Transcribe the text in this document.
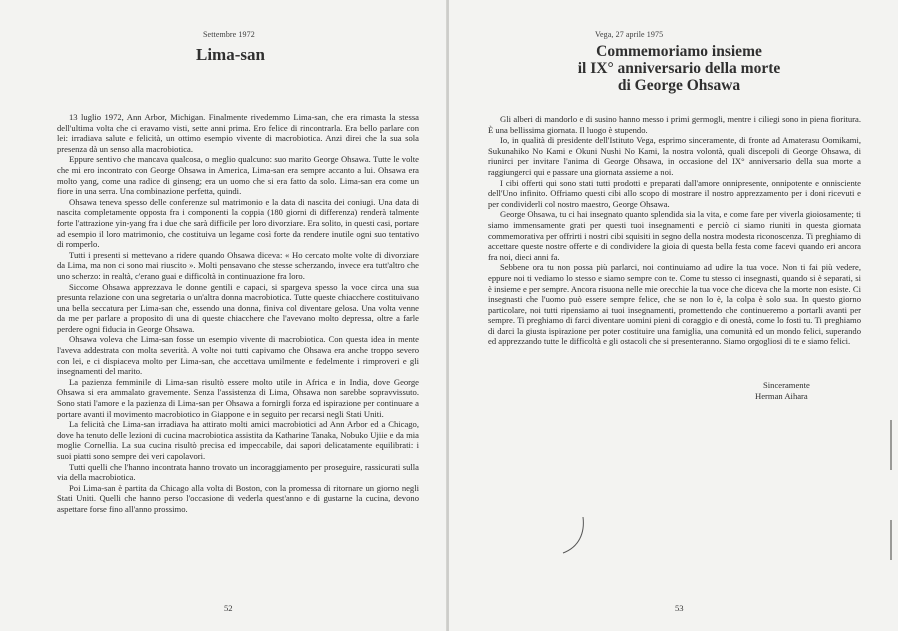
Settembre 1972
Lima-san

13 luglio 1972, Ann Arbor, Michigan. Finalmente rivedemmo Lima-san, che era rimasta la stessa dell'ultima volta che ci eravamo visti, sette anni prima. Ero felice di rincontrarla. Era bello parlare con lei: irradiava salute e felicità, un ottimo esempio vivente di macrobiotica. Anzi direi che la sua sola presenza dà un senso alla macrobiotica.

Eppure sentivo che mancava qualcosa, o meglio qualcuno: suo marito George Ohsawa. Tutte le volte che mi ero incontrato con George Ohsawa in America, Lima-san era sempre accanto a lui. Ohsawa era molto yang, come una radice di ginseng; era un uomo che si era fatto da solo. Lima-san era come un fiore in una serra. Una combinazione perfetta, quindi.

Ohsawa teneva spesso delle conferenze sul matrimonio e la data di nascita dei coniugi. Una data di nascita completamente opposta fra i componenti la coppia (180 giorni di differenza) renderà talmente forte l'attrazione yin-yang fra i due che sarà difficile per loro divorziare. Era solito, in questi casi, portare ad esempio il loro matrimonio, che costituiva un legame così forte da rendere inutile ogni suo tentativo di romperlo.

Tutti i presenti si mettevano a ridere quando Ohsawa diceva: « Ho cercato molte volte di divorziare da Lima, ma non ci sono mai riuscito ». Molti pensavano che stesse scherzando, invece era tutt'altro che uno scherzo: in realtà, c'erano guai e difficoltà in continuazione fra loro.

Siccome Ohsawa apprezzava le donne gentili e capaci, si spargeva spesso la voce circa una sua presunta relazione con una segretaria o un'altra donna macrobiotica. Tutte queste chiacchere costituivano una bella seccatura per Lima-san che, essendo una donna, finiva col diventare gelosa. Una volta venne da me per parlare a proposito di una di queste chiacchere che l'avevano molto depressa, oltre a farle perdere ogni fiducia in George Ohsawa.

Ohsawa voleva che Lima-san fosse un esempio vivente di macrobiotica. Con questa idea in mente l'aveva addestrata con molta severità. A volte noi tutti capivamo che Ohsawa era anche troppo severo con lei, e ci dispiaceva molto per Lima-san, che accettava umilmente e fedelmente i rimproveri e gli insegnamenti del marito.

La pazienza femminile di Lima-san risultò essere molto utile in Africa e in India, dove George Ohsawa si era ammalato gravemente. Senza l'assistenza di Lima, Ohsawa non sarebbe sopravvissuto. Sono stati l'amore e la pazienza di Lima-san per Ohsawa a fornirgli forza ed ispirazione per continuare a portare avanti il movimento macrobiotico in Giappone e in seguito per recarsi negli Stati Uniti.

La felicità che Lima-san irradiava ha attirato molti amici macrobiotici ad Ann Arbor ed a Chicago, dove ha tenuto delle lezioni di cucina macrobiotica assistita da Katharine Tanaka, Nobuko Ujiie e da mia moglie Cornellia. La sua cucina risultò precisa ed impeccabile, dai sapori delicatamente equilibrati: i suoi piatti sono sempre dei veri capolavori.

Tutti quelli che l'hanno incontrata hanno trovato un incoraggiamento per proseguire, rassicurati sulla via della macrobiotica.

Poi Lima-san è partita da Chicago alla volta di Boston, con la promessa di ritornare un giorno negli Stati Uniti. Quelli che hanno perso l'occasione di vederla quest'anno e di gustarne la cucina, devono aspettare forse fino all'anno prossimo.

52
Vega, 27 aprile 1975
Commemoriamo insieme
il IX° anniversario della morte
di George Ohsawa

Gli alberi di mandorlo e di susino hanno messo i primi germogli, mentre i ciliegi sono in piena fioritura. È una bellissima giornata. Il luogo è stupendo.

Io, in qualità di presidente dell'Istituto Vega, esprimo sinceramente, di fronte ad Amaterasu Oomikami, Sukunahiko No Kami e Okuni Nushi No Kami, la nostra volontà, quali discepoli di George Ohsawa, di riunirci per invitare l'anima di George Ohsawa, in occasione del IX° anniversario della sua morte a raggiungerci qui e passare una giornata assieme a noi.

I cibi offerti qui sono stati tutti prodotti e preparati dall'amore onnipresente, onnipotente e onnisciente dell'Uno infinito. Offriamo questi cibi allo scopo di mostrare il nostro apprezzamento per i doni ricevuti e per condividerli col nostro maestro, George Ohsawa.

George Ohsawa, tu ci hai insegnato quanto splendida sia la vita, e come fare per viverla gioiosamente; ti siamo immensamente grati per questi tuoi insegnamenti e perciò ci siamo riuniti in questa giornata commemorativa per offrirti i nostri cibi squisiti in segno della nostra modesta riconoscenza. Ti preghiamo di accettare queste nostre offerte e di condividere la gioia di questa bella festa come facevi quando eri ancora fra noi, dieci anni fa.

Sebbene ora tu non possa più parlarci, noi continuiamo ad udire la tua voce. Non ti fai più vedere, eppure noi ti vediamo lo stesso e siamo sempre con te. Come tu stesso ci insegnasti, quando si è separati, si è insieme e per sempre. Ancora risuona nelle mie orecchie la tua voce che diceva che la morte non esiste. Ci insegnasti che l'uomo può essere sempre felice, che se non lo è, la colpa è solo sua. In questo giorno particolare, noi tutti ripensiamo ai tuoi insegnamenti, promettendo che continueremo a portarli avanti per sempre. Ti preghiamo di farci diventare uomini pieni di coraggio e di onestà, come lo fosti tu. Ti preghiamo di darci la giusta ispirazione per poter costituire una famiglia, una comunità ed un mondo felici, superando ed apprezzando tutte le difficoltà e gli ostacoli che si presenteranno. Siamo orgogliosi di te e siamo felici.

Sinceramente
Herman Aihara
53
